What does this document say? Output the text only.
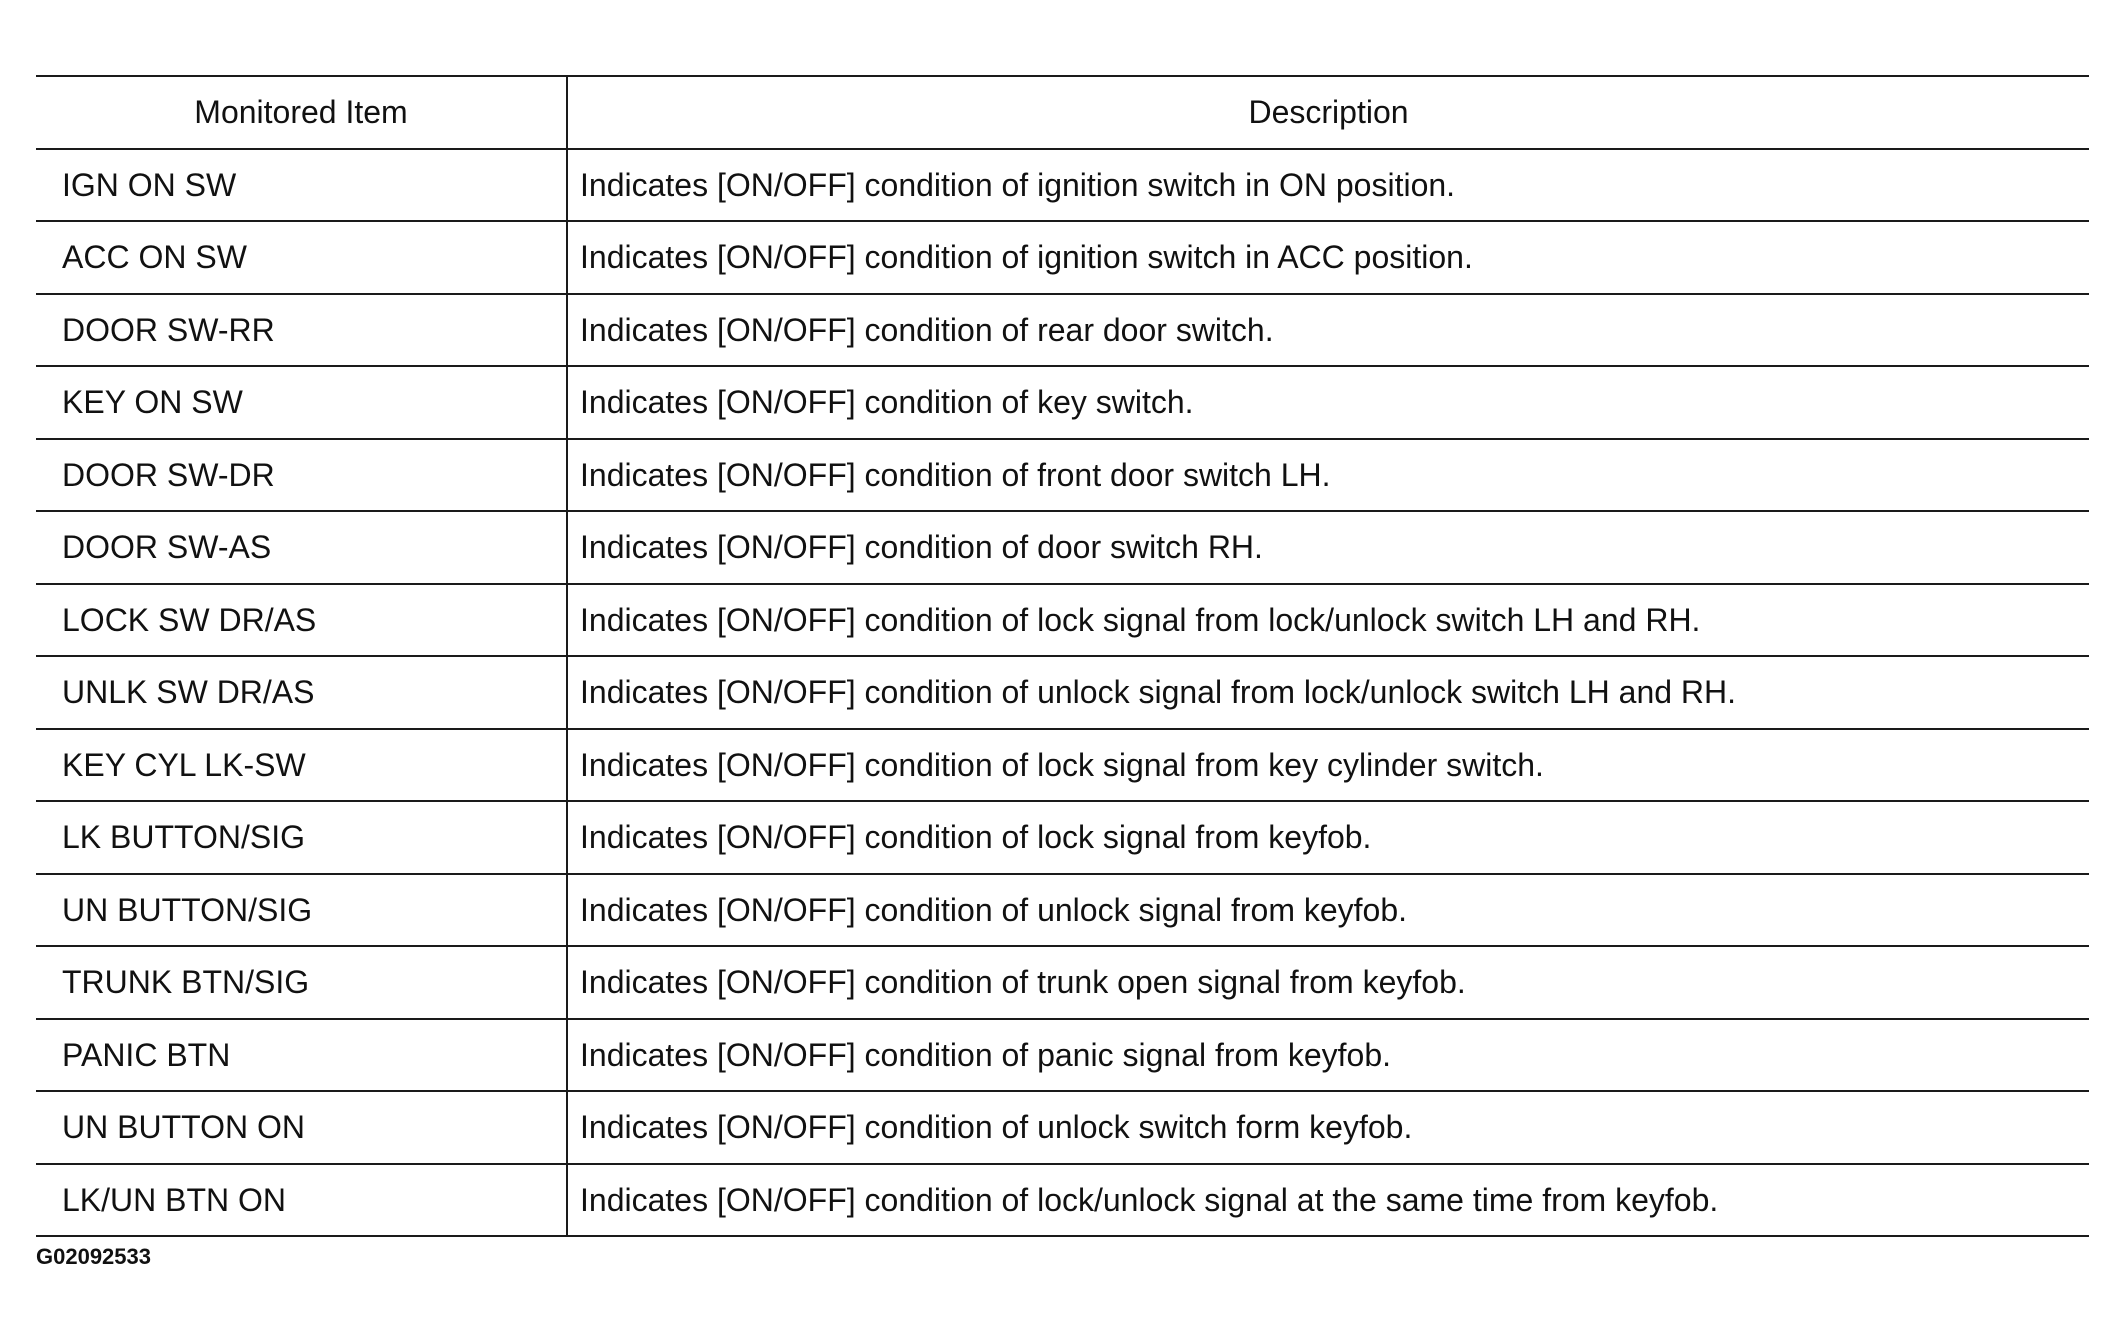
Monitored Item	Description
IGN ON SW	Indicates [ON/OFF] condition of ignition switch in ON position.
ACC ON SW	Indicates [ON/OFF] condition of ignition switch in ACC position.
DOOR SW-RR	Indicates [ON/OFF] condition of rear door switch.
KEY ON SW	Indicates [ON/OFF] condition of key switch.
DOOR SW-DR	Indicates [ON/OFF] condition of front door switch LH.
DOOR SW-AS	Indicates [ON/OFF] condition of door switch RH.
LOCK SW DR/AS	Indicates [ON/OFF] condition of lock signal from lock/unlock switch LH and RH.
UNLK SW DR/AS	Indicates [ON/OFF] condition of unlock signal from lock/unlock switch LH and RH.
KEY CYL LK-SW	Indicates [ON/OFF] condition of lock signal from key cylinder switch.
LK BUTTON/SIG	Indicates [ON/OFF] condition of lock signal from keyfob.
UN BUTTON/SIG	Indicates [ON/OFF] condition of unlock signal from keyfob.
TRUNK BTN/SIG	Indicates [ON/OFF] condition of trunk open signal from keyfob.
PANIC BTN	Indicates [ON/OFF] condition of panic signal from keyfob.
UN BUTTON ON	Indicates [ON/OFF] condition of unlock switch form keyfob.
LK/UN BTN ON	Indicates [ON/OFF] condition of lock/unlock signal at the same time from keyfob.
G02092533
